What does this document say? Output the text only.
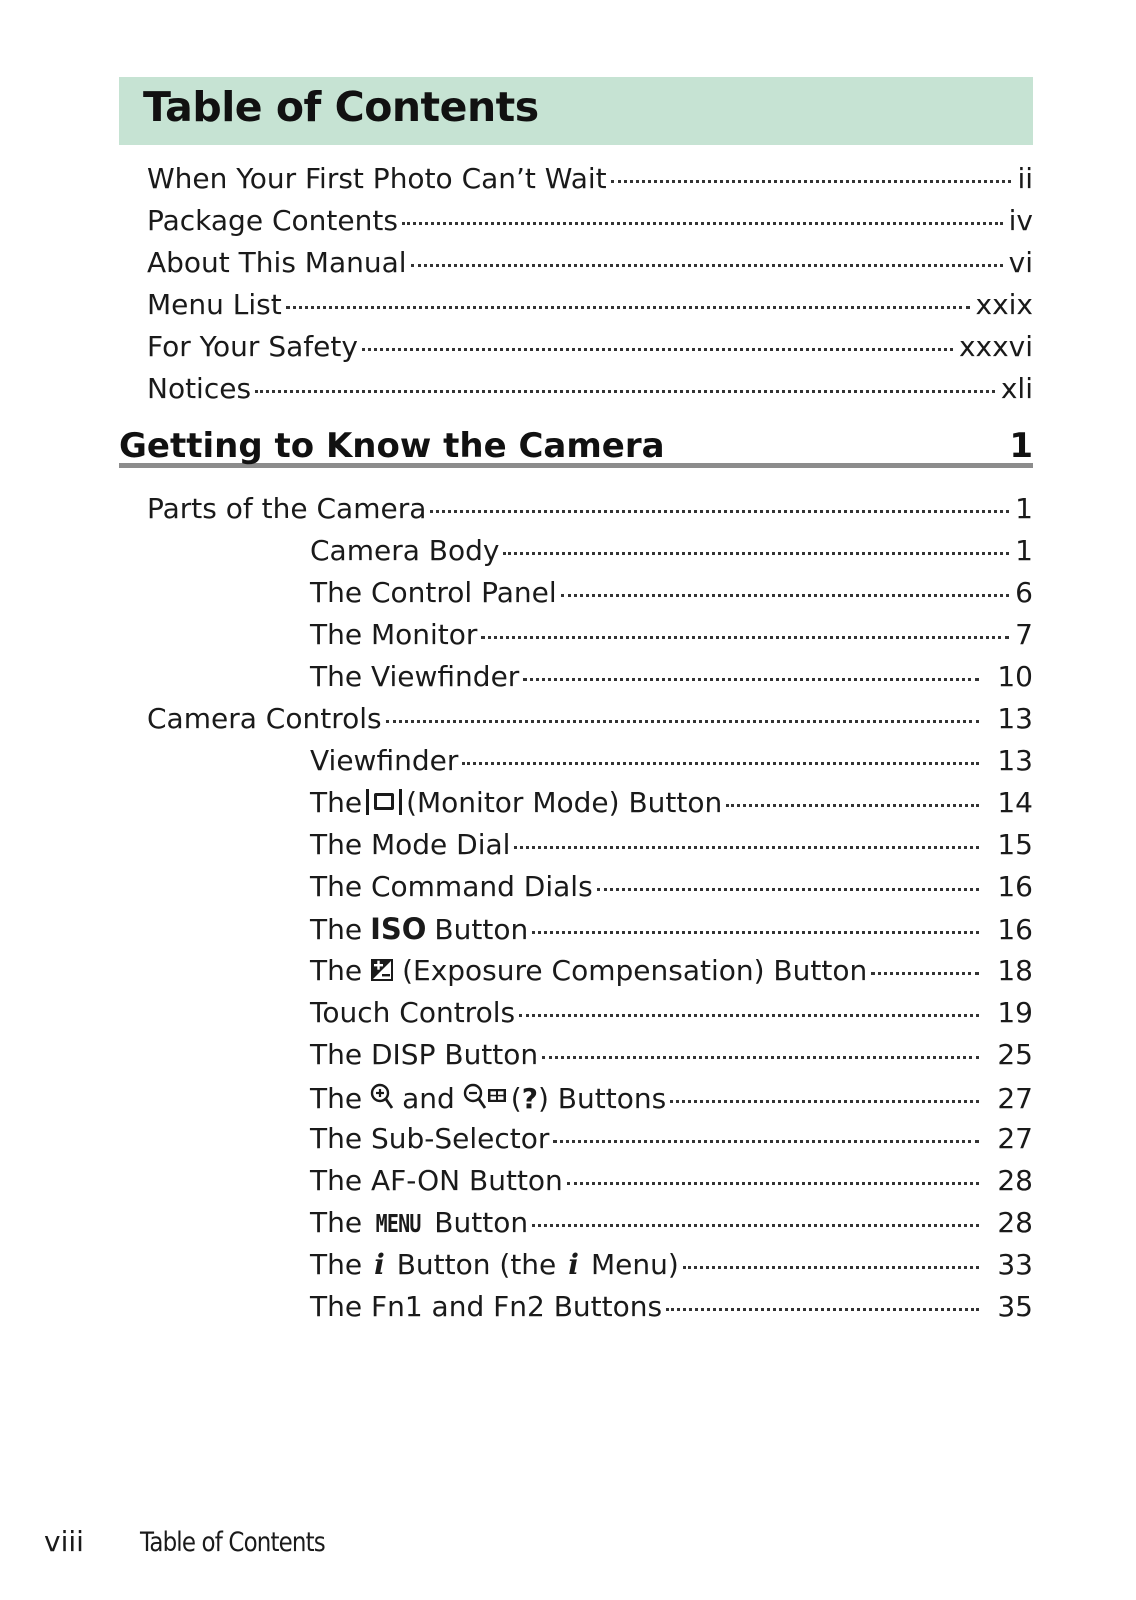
Table of Contents
When Your First Photo Can’t Wait	ii
Package Contents	iv
About This Manual	vi
Menu List	xxix
For Your Safety	xxxvi
Notices	xli
Getting to Know the Camera	1
Parts of the Camera	1
Camera Body	1
The Control Panel	6
The Monitor	7
The Viewfinder	10
Camera Controls	13
Viewfinder	13
The (Monitor Mode) Button	14
The Mode Dial	15
The Command Dials	16
The ISO Button	16
The (Exposure Compensation) Button	18
Touch Controls	19
The DISP Button	25
The and ( ? ) Buttons	27
The Sub-Selector	27
The AF-ON Button	28
The MENU Button	28
The i Button (the i Menu)	33
The Fn1 and Fn2 Buttons	35
viii Table of Contents
